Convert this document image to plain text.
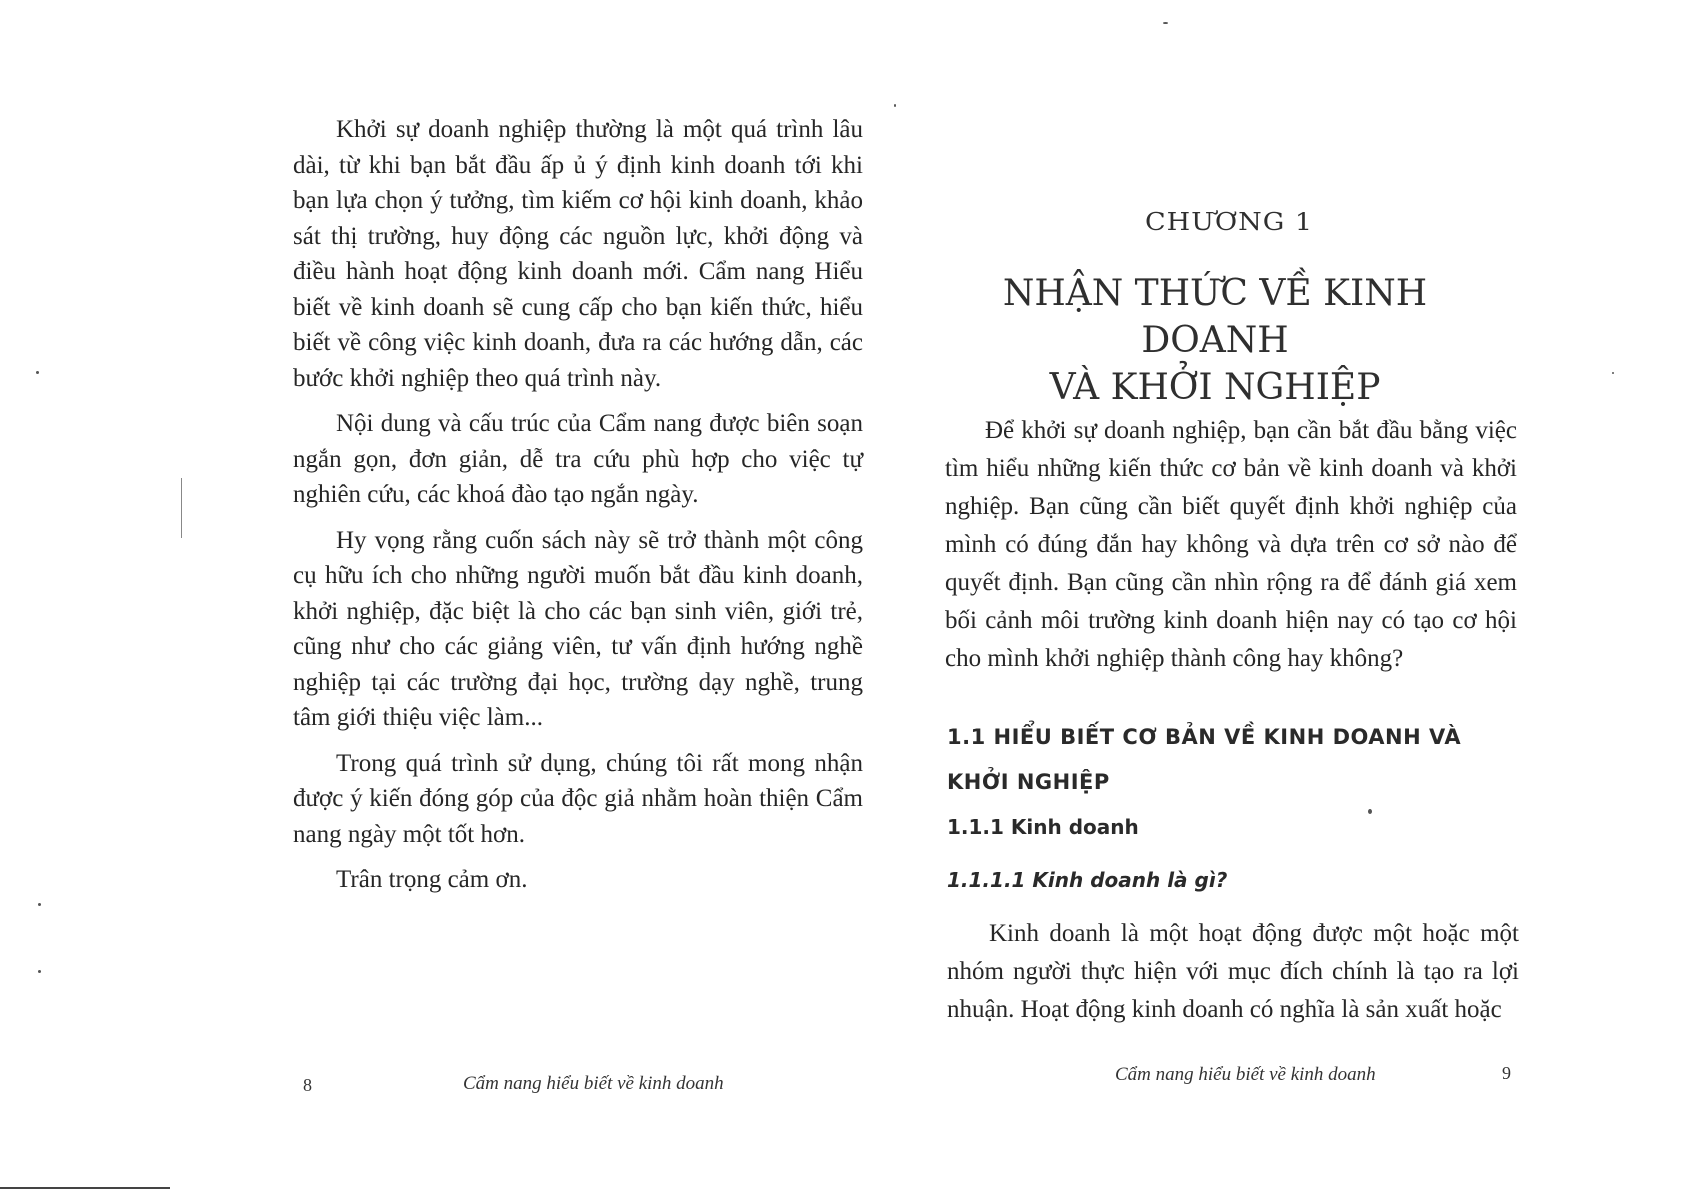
Khởi sự doanh nghiệp thường là một quá trình lâu dài, từ khi bạn bắt đầu ấp ủ ý định kinh doanh tới khi bạn lựa chọn ý tưởng, tìm kiếm cơ hội kinh doanh, khảo sát thị trường, huy động các nguồn lực, khởi động và điều hành hoạt động kinh doanh mới. Cẩm nang Hiểu biết về kinh doanh sẽ cung cấp cho bạn kiến thức, hiểu biết về công việc kinh doanh, đưa ra các hướng dẫn, các bước khởi nghiệp theo quá trình này.

Nội dung và cấu trúc của Cẩm nang được biên soạn ngắn gọn, đơn giản, dễ tra cứu phù hợp cho việc tự nghiên cứu, các khoá đào tạo ngắn ngày.

Hy vọng rằng cuốn sách này sẽ trở thành một công cụ hữu ích cho những người muốn bắt đầu kinh doanh, khởi nghiệp, đặc biệt là cho các bạn sinh viên, giới trẻ, cũng như cho các giảng viên, tư vấn định hướng nghề nghiệp tại các trường đại học, trường dạy nghề, trung tâm giới thiệu việc làm...

Trong quá trình sử dụng, chúng tôi rất mong nhận được ý kiến đóng góp của độc giả nhằm hoàn thiện Cẩm nang ngày một tốt hơn.

Trân trọng cảm ơn.

8	Cẩm nang hiểu biết về kinh doanh
CHƯƠNG 1
NHẬN THỨC VỀ KINH DOANH
VÀ KHỞI NGHIỆP

Để khởi sự doanh nghiệp, bạn cần bắt đầu bằng việc tìm hiểu những kiến thức cơ bản về kinh doanh và khởi nghiệp. Bạn cũng cần biết quyết định khởi nghiệp của mình có đúng đắn hay không và dựa trên cơ sở nào để quyết định. Bạn cũng cần nhìn rộng ra để đánh giá xem bối cảnh môi trường kinh doanh hiện nay có tạo cơ hội cho mình khởi nghiệp thành công hay không?

1.1 HIỂU BIẾT CƠ BẢN VỀ KINH DOANH VÀ KHỞI NGHIỆP
1.1.1 Kinh doanh
1.1.1.1 Kinh doanh là gì?

Kinh doanh là một hoạt động được một hoặc một nhóm người thực hiện với mục đích chính là tạo ra lợi nhuận. Hoạt động kinh doanh có nghĩa là sản xuất hoặc

Cẩm nang hiểu biết về kinh doanh	9
